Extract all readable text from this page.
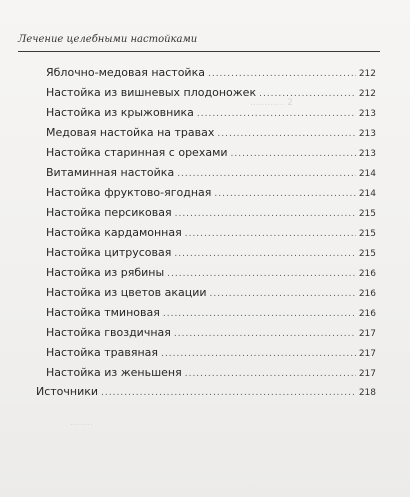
............ 2
........
Лечение целебными настойками
Яблочно-медовая настойка .....	212
Настойка из вишневых плодоножек .....	212
Настойка из крыжовника .....	213
Медовая настойка на травах .....	213
Настойка старинная с орехами .....	213
Витаминная настойка .....	214
Настойка фруктово-ягодная .....	214
Настойка персиковая .....	215
Настойка кардамонная .....	215
Настойка цитрусовая .....	215
Настойка из рябины .....	216
Настойка из цветов акации .....	216
Настойка тминовая .....	216
Настойка гвоздичная .....	217
Настойка травяная .....	217
Настойка из женьшеня .....	217
Источники .....	218
